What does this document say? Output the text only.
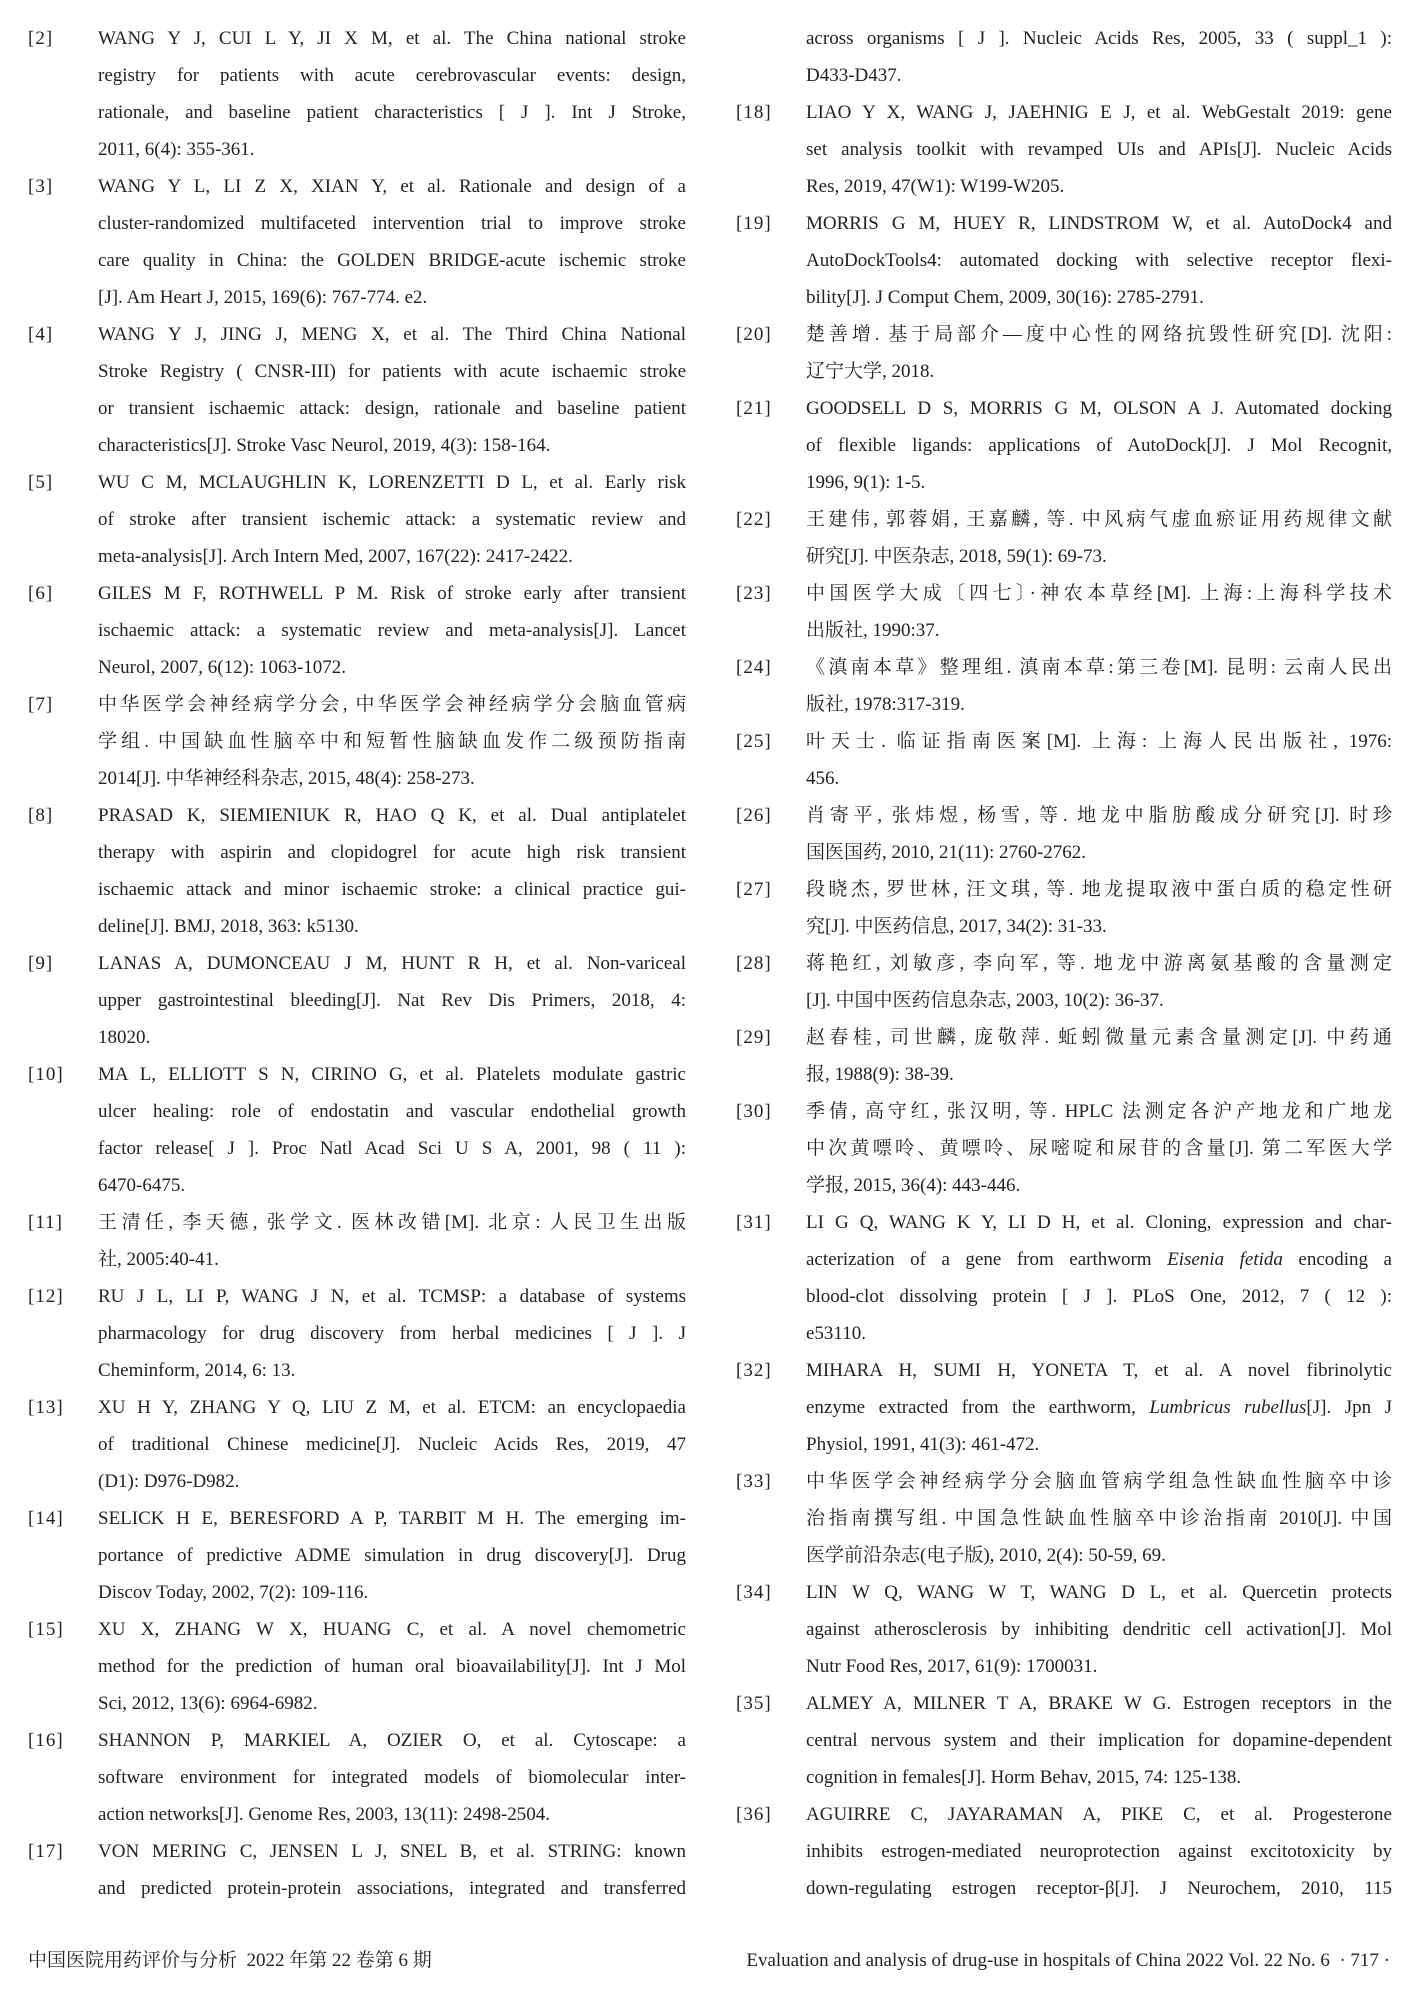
[2] WANG Y J, CUI L Y, JI X M, et al. The China national stroke
registry for patients with acute cerebrovascular events: design,
rationale, and baseline patient characteristics [ J ]. Int J Stroke,
2011, 6(4): 355-361.
[3] WANG Y L, LI Z X, XIAN Y, et al. Rationale and design of a
cluster-randomized multifaceted intervention trial to improve stroke
care quality in China: the GOLDEN BRIDGE-acute ischemic stroke
[J]. Am Heart J, 2015, 169(6): 767-774. e2.
[4] WANG Y J, JING J, MENG X, et al. The Third China National
Stroke Registry ( CNSR-III) for patients with acute ischaemic stroke
or transient ischaemic attack: design, rationale and baseline patient
characteristics[J]. Stroke Vasc Neurol, 2019, 4(3): 158-164.
[5] WU C M, MCLAUGHLIN K, LORENZETTI D L, et al. Early risk
of stroke after transient ischemic attack: a systematic review and
meta-analysis[J]. Arch Intern Med, 2007, 167(22): 2417-2422.
[6] GILES M F, ROTHWELL P M. Risk of stroke early after transient
ischaemic attack: a systematic review and meta-analysis[J]. Lancet
Neurol, 2007, 6(12): 1063-1072.
[7] 中华医学会神经病学分会, 中华医学会神经病学分会脑血管病
学组. 中国缺血性脑卒中和短暂性脑缺血发作二级预防指南
2014[J]. 中华神经科杂志, 2015, 48(4): 258-273.
[8] PRASAD K, SIEMIENIUK R, HAO Q K, et al. Dual antiplatelet
therapy with aspirin and clopidogrel for acute high risk transient
ischaemic attack and minor ischaemic stroke: a clinical practice gui-
deline[J]. BMJ, 2018, 363: k5130.
[9] LANAS A, DUMONCEAU J M, HUNT R H, et al. Non-variceal
upper gastrointestinal bleeding[J]. Nat Rev Dis Primers, 2018, 4:
18020.
[10] MA L, ELLIOTT S N, CIRINO G, et al. Platelets modulate gastric
ulcer healing: role of endostatin and vascular endothelial growth
factor release[ J ]. Proc Natl Acad Sci U S A, 2001, 98 ( 11 ):
6470-6475.
[11] 王清任, 李天德, 张学文. 医林改错[M]. 北京: 人民卫生出版
社, 2005:40-41.
[12] RU J L, LI P, WANG J N, et al. TCMSP: a database of systems
pharmacology for drug discovery from herbal medicines [ J ]. J
Cheminform, 2014, 6: 13.
[13] XU H Y, ZHANG Y Q, LIU Z M, et al. ETCM: an encyclopaedia
of traditional Chinese medicine[J]. Nucleic Acids Res, 2019, 47
(D1): D976-D982.
[14] SELICK H E, BERESFORD A P, TARBIT M H. The emerging im-
portance of predictive ADME simulation in drug discovery[J]. Drug
Discov Today, 2002, 7(2): 109-116.
[15] XU X, ZHANG W X, HUANG C, et al. A novel chemometric
method for the prediction of human oral bioavailability[J]. Int J Mol
Sci, 2012, 13(6): 6964-6982.
[16] SHANNON P, MARKIEL A, OZIER O, et al. Cytoscape: a
software environment for integrated models of biomolecular inter-
action networks[J]. Genome Res, 2003, 13(11): 2498-2504.
[17] VON MERING C, JENSEN L J, SNEL B, et al. STRING: known
and predicted protein-protein associations, integrated and transferred
across organisms [ J ]. Nucleic Acids Res, 2005, 33 ( suppl_1 ):
D433-D437.
[18] LIAO Y X, WANG J, JAEHNIG E J, et al. WebGestalt 2019: gene
set analysis toolkit with revamped UIs and APIs[J]. Nucleic Acids
Res, 2019, 47(W1): W199-W205.
[19] MORRIS G M, HUEY R, LINDSTROM W, et al. AutoDock4 and
AutoDockTools4: automated docking with selective receptor flexi-
bility[J]. J Comput Chem, 2009, 30(16): 2785-2791.
[20] 楚善增. 基于局部介—度中心性的网络抗毁性研究[D]. 沈阳:
辽宁大学, 2018.
[21] GOODSELL D S, MORRIS G M, OLSON A J. Automated docking
of flexible ligands: applications of AutoDock[J]. J Mol Recognit,
1996, 9(1): 1-5.
[22] 王建伟, 郭蓉娟, 王嘉麟, 等. 中风病气虚血瘀证用药规律文献
研究[J]. 中医杂志, 2018, 59(1): 69-73.
[23] 中国医学大成〔四七〕·神农本草经[M]. 上海:上海科学技术
出版社, 1990:37.
[24] 《滇南本草》整理组. 滇南本草:第三卷[M]. 昆明: 云南人民出
版社, 1978:317-319.
[25] 叶天士. 临证指南医案[M]. 上海: 上海人民出版社, 1976:
456.
[26] 肖寄平, 张炜煜, 杨雪, 等. 地龙中脂肪酸成分研究[J]. 时珍
国医国药, 2010, 21(11): 2760-2762.
[27] 段晓杰, 罗世林, 汪文琪, 等. 地龙提取液中蛋白质的稳定性研
究[J]. 中医药信息, 2017, 34(2): 31-33.
[28] 蒋艳红, 刘敏彦, 李向军, 等. 地龙中游离氨基酸的含量测定
[J]. 中国中医药信息杂志, 2003, 10(2): 36-37.
[29] 赵春桂, 司世麟, 庞敬萍. 蚯蚓微量元素含量测定[J]. 中药通
报, 1988(9): 38-39.
[30] 季倩, 高守红, 张汉明, 等. HPLC 法测定各沪产地龙和广地龙
中次黄嘌呤、黄嘌呤、尿嘧啶和尿苷的含量[J]. 第二军医大学
学报, 2015, 36(4): 443-446.
[31] LI G Q, WANG K Y, LI D H, et al. Cloning, expression and char-
acterization of a gene from earthworm Eisenia fetida encoding a
blood-clot dissolving protein [ J ]. PLoS One, 2012, 7 ( 12 ):
e53110.
[32] MIHARA H, SUMI H, YONETA T, et al. A novel fibrinolytic
enzyme extracted from the earthworm, Lumbricus rubellus[J]. Jpn J
Physiol, 1991, 41(3): 461-472.
[33] 中华医学会神经病学分会脑血管病学组急性缺血性脑卒中诊
治指南撰写组. 中国急性缺血性脑卒中诊治指南 2010[J]. 中国
医学前沿杂志(电子版), 2010, 2(4): 50-59, 69.
[34] LIN W Q, WANG W T, WANG D L, et al. Quercetin protects
against atherosclerosis by inhibiting dendritic cell activation[J]. Mol
Nutr Food Res, 2017, 61(9): 1700031.
[35] ALMEY A, MILNER T A, BRAKE W G. Estrogen receptors in the
central nervous system and their implication for dopamine-dependent
cognition in females[J]. Horm Behav, 2015, 74: 125-138.
[36] AGUIRRE C, JAYARAMAN A, PIKE C, et al. Progesterone
inhibits estrogen-mediated neuroprotection against excitotoxicity by
down-regulating estrogen receptor-β[J]. J Neurochem, 2010, 115
中国医院用药评价与分析  2022 年第 22 卷第 6 期	Evaluation and analysis of drug-use in hospitals of China 2022 Vol. 22 No. 6  · 717 ·
